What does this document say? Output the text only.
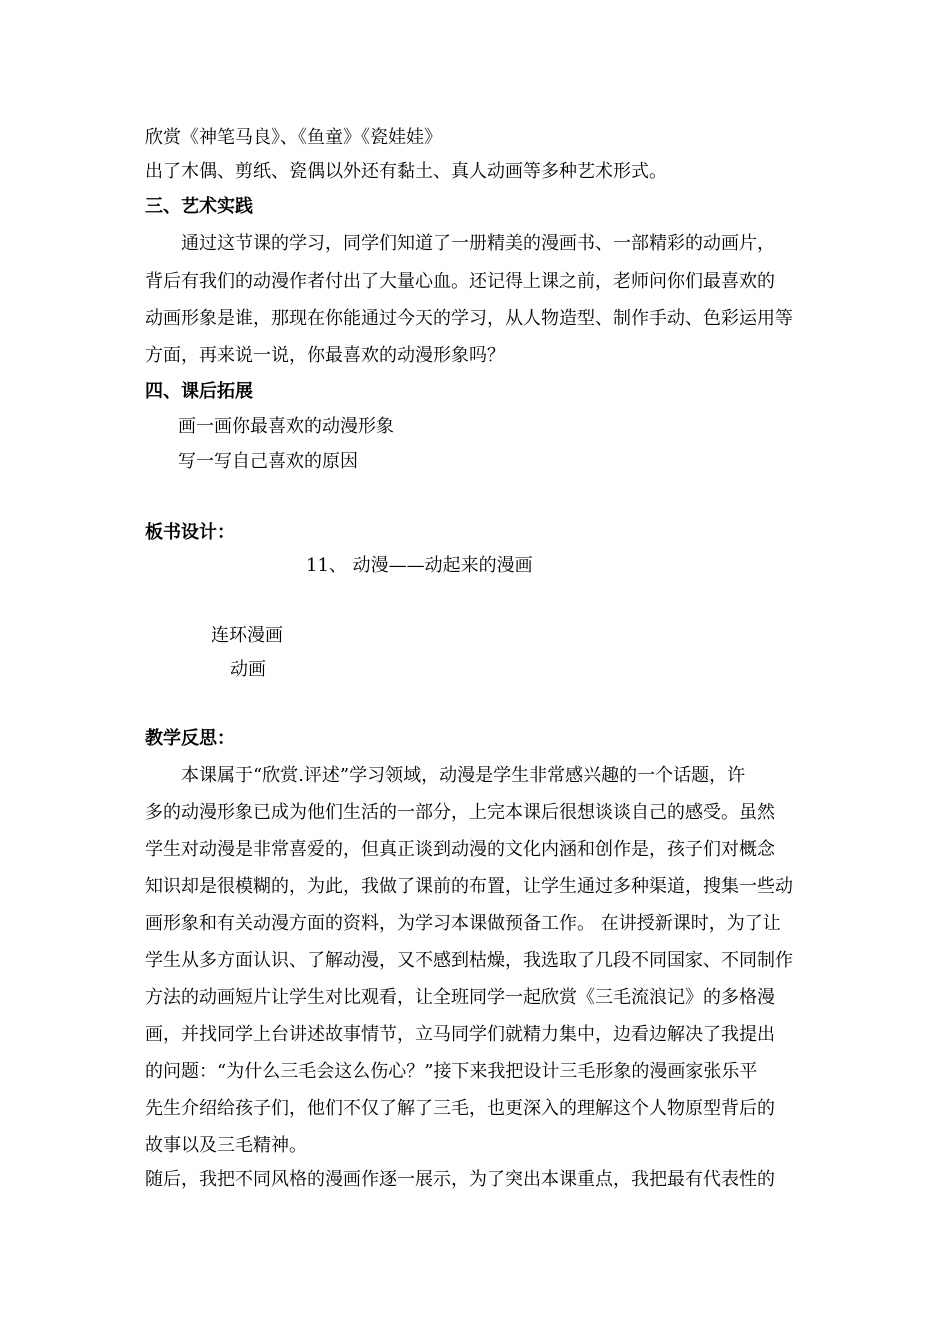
欣赏《神笔马良》、《鱼童》《瓷娃娃》
出了木偶、剪纸、瓷偶以外还有黏土、真人动画等多种艺术形式。
三、艺术实践
通过这节课的学习，同学们知道了一册精美的漫画书、一部精彩的动画片，
背后有我们的动漫作者付出了大量心血。还记得上课之前，老师问你们最喜欢的
动画形象是谁，那现在你能通过今天的学习，从人物造型、制作手动、色彩运用等
方面，再来说一说，你最喜欢的动漫形象吗？
四、课后拓展
画一画你最喜欢的动漫形象
写一写自己喜欢的原因
板书设计：
11、 动漫——动起来的漫画
连环漫画
动画
教学反思：
本课属于“欣赏.评述”学习领域，动漫是学生非常感兴趣的一个话题，许
多的动漫形象已成为他们生活的一部分，上完本课后很想谈谈自己的感受。虽然
学生对动漫是非常喜爱的，但真正谈到动漫的文化内涵和创作是，孩子们对概念
知识却是很模糊的，为此，我做了课前的布置，让学生通过多种渠道，搜集一些动
画形象和有关动漫方面的资料，为学习本课做预备工作。 在讲授新课时，为了让
学生从多方面认识、了解动漫，又不感到枯燥，我选取了几段不同国家、不同制作
方法的动画短片让学生对比观看，让全班同学一起欣赏《三毛流浪记》的多格漫
画，并找同学上台讲述故事情节，立马同学们就精力集中，边看边解决了我提出
的问题：“为什么三毛会这么伤心？”接下来我把设计三毛形象的漫画家张乐平
先生介绍给孩子们，他们不仅了解了三毛，也更深入的理解这个人物原型背后的
故事以及三毛精神。
随后，我把不同风格的漫画作逐一展示，为了突出本课重点，我把最有代表性的
